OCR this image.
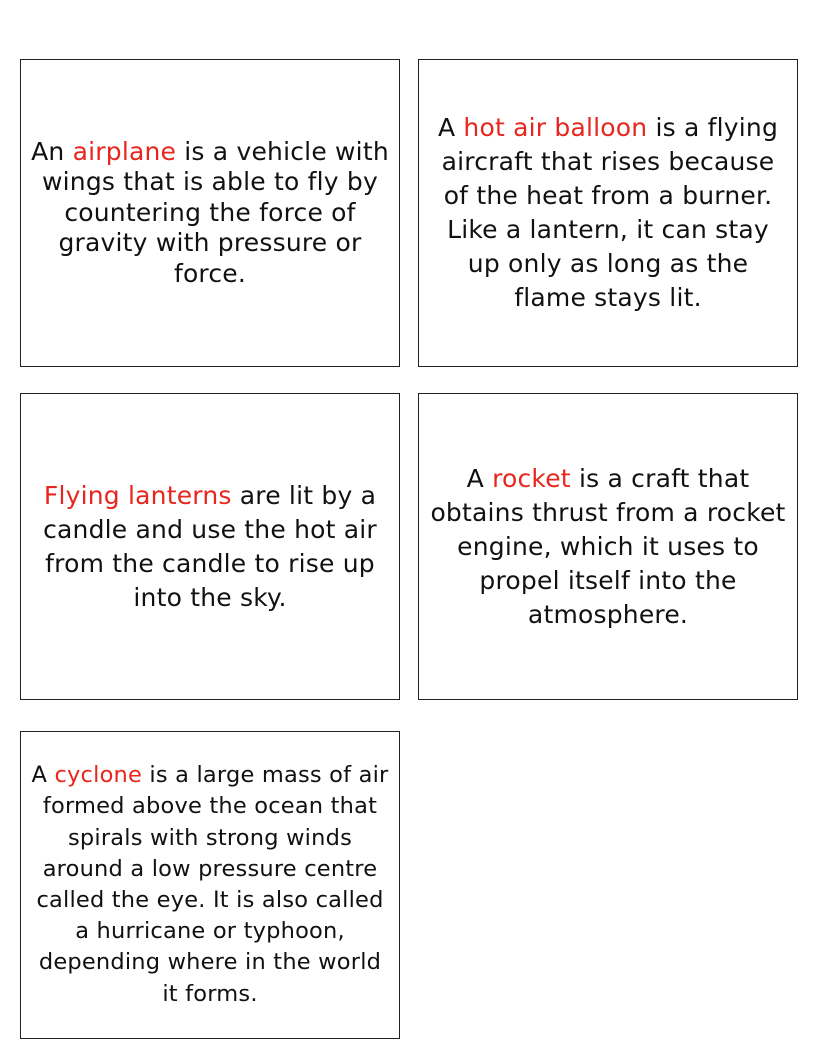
An airplane is a vehicle with wings that is able to fly by countering the force of gravity with pressure or force.

A hot air balloon is a flying aircraft that rises because of the heat from a burner. Like a lantern, it can stay up only as long as the flame stays lit.

Flying lanterns are lit by a candle and use the hot air from the candle to rise up into the sky.

A rocket is a craft that obtains thrust from a rocket engine, which it uses to propel itself into the atmosphere.

A cyclone is a large mass of air formed above the ocean that spirals with strong winds around a low pressure centre called the eye. It is also called a hurricane or typhoon, depending where in the world it forms.
